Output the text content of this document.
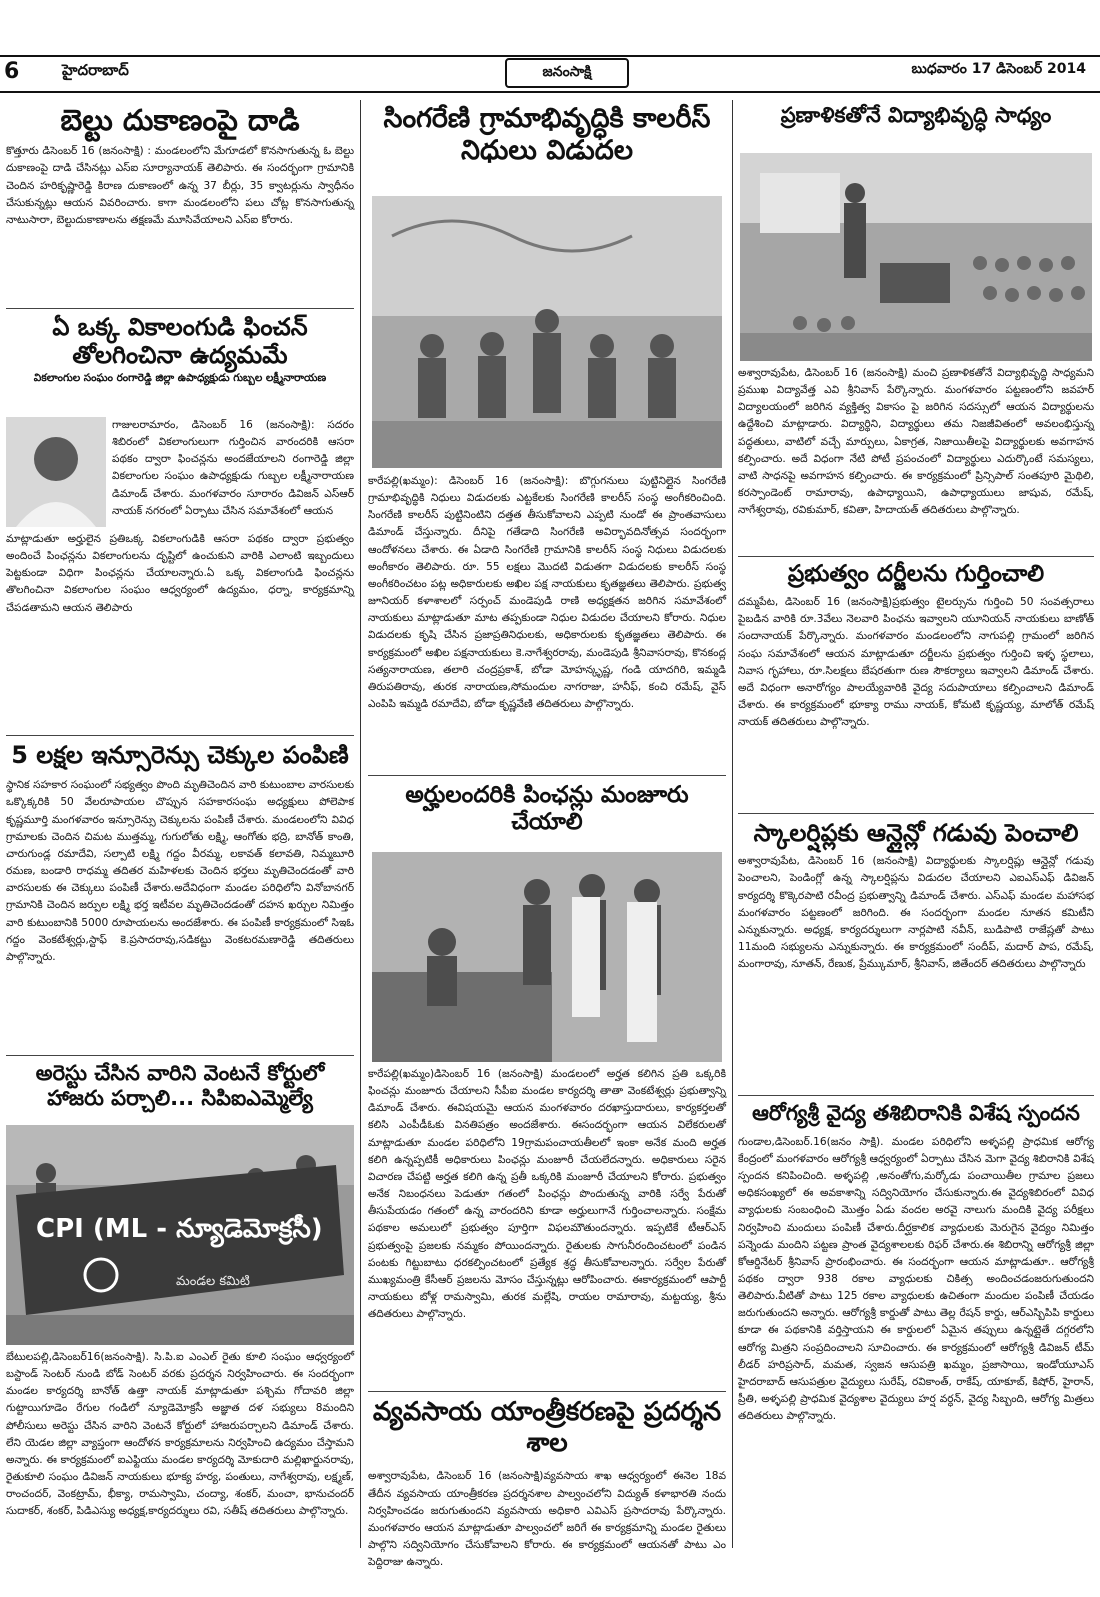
6	హైదరాబాద్	జనంసాక్షి	బుధవారం 17 డిసెంబర్ 2014
బెల్టు దుకాణంపై దాడి

కొత్తూరు డిసెంబర్ 16 (జనంసాక్షి) : మండలంలోని మేగూడలో కొనసాగుతున్న ఓ బెల్టు దుకాణంపై దాడి చేసినట్లు ఎస్ఐ సూర్యానాయక్ తెలిపారు. ఈ సందర్భంగా గ్రామానికి చెందిన హరికృష్ణారెడ్డి కిరాణ దుకాణంలో ఉన్న 37 బీర్లు, 35 క్వాటర్లును స్వాధీనం చేసుకున్నట్లు ఆయన వివరించారు. కాగా మండలంలోని పలు చోట్ల కొనసాగుతున్న నాటుసారా, బెల్టుదుకాణాలను తక్షణమే మూసివేయాలని ఎస్ఐ కోరారు.

ఏ ఒక్క వికాలంగుడి ఫించన్ తోలగించినా ఉద్యమమే
వికలాంగుల సంఘం రంగారెడ్డి జిల్లా ఉపాధ్యక్షుడు గుబ్బల లక్ష్మీనారాయణ

గాజులరామారం, డిసెంబర్ 16 (జనంసాక్షి): సదరం శిబిరంలో వికలాంగులుగా గుర్తించిన వారందరికి ఆసరా పథకం ద్వారా ఫించన్లను అందజేయాలని రంగారెడ్డి జిల్లా వికలాంగుల సంఘం ఉపాధ్యక్షుడు గుబ్బల లక్ష్మీనారాయణ డిమాండ్ చేశారు. మంగళవారం సూరారం డివిజన్ ఎస్ఆర్ నాయక్ నగరంలో ఏర్పాటు చేసిన సమావేశంలో ఆయన

మాట్లాడుతూ అర్హులైన ప్రతిఒక్క వికలాంగుడికి ఆసరా పథకం ద్వారా ప్రభుత్వం అందించే పింఛన్లను వికలాంగులను దృష్టిలో ఉంచుకుని వారికి ఎలాంటి ఇబ్బందులు పెట్టకుండా విధిగా పింఛన్లను చేయాలన్నారు.ఏ ఒక్క వికలాంగుడి ఫించన్లను తొలగించినా వికలాంగుల సంఘం ఆధ్వర్యంలో ఉద్యమం, ధర్నా, కార్యక్రమాన్ని చేపడతామని ఆయన తెలిపారు

5 లక్షల ఇన్సూరెన్సు చెక్కుల పంపిణి

స్థానిక సహకార సంఘంలో సభ్యత్వం పొంది మృతిచెందిన వారి కుటుంబాల వారసులకు ఒక్కొక్కరికి 50 వేలరూపాయల చొప్పున సహకారసంఘ అధ్యక్షులు పోలెపాక కృష్ణమూర్తి మంగళవారం ఇన్సూరెన్సు చెక్కులను పంపిణీ చేశారు. మండలంలోని వివిధ గ్రామాలకు చెందిన చిమట ముత్తమ్మ, గుగులోతు లక్ష్మి, ఆంగోతు భద్రి, బానోత్ కాంతి, చారుగుండ్ల రమాదేవి, సల్పాటి లక్ష్మి గద్దం వీరమ్మ, లకావత్ కలావతి, నిమ్మబూరి రమణ, బండారి రాధమ్మ తదితర మహిళలకు చెందిన భర్తలు మృతిచెందడంతో వారి వారసులకు ఈ చెక్కులు పంపిణీ చేశారు.అదేవిధంగా మండల పరిధిలోని వినోబానగర్ గ్రామానికి చెందిన జర్పుల లక్ష్మి భర్త ఇటీవల మృతిచెందడంతో దహన ఖర్చుల నిమిత్తం వారి కుటుంబానికి 5000 రూపాయలను అందజేశారు. ఈ పంపిణీ కార్యక్రమంలో సిఇఓ గద్దం వెంకటేశ్వర్లు,స్టాఫ్ కె.ప్రసాదరావు,సడికట్టు వెంకటరమణారెడ్డి తదితరులు పాల్గొన్నారు.

అరెస్టు చేసిన వారిని వెంటనే కోర్టులో హాజరు పర్చాలి... సిపిఐఎమ్మెల్యే
CPI (ML - న్యూడెమోక్రసీ)
మండల కమిటి

బేటులపల్లి,డిసెంబర్16(జనంసాక్షి). సి.పి.ఐ ఎంఎల్ రైతు కూలి సంఘం ఆధ్వర్యంలో బస్టాండ్ సెంటర్ నుండి బోడ్ సెంటర్ వరకు ప్రదర్శన నిర్వహించారు. ఈ సందర్భంగా మండల కార్యదర్శి బానోత్ ఉత్తా నాయక్ మాట్లాడుతూ పశ్చిమ గోదావరి జిల్లా గుట్టాయిగూడెం రేగుల గండిలో న్యూడెమోక్రసీ అజ్ఞాత దళ సభ్యులు 8మందిని పోలీసులు అరెస్టు చేసిన వారిని వెంటనే కోర్టులో హాజరుపర్చాలని డిమాండ్ చేశారు. లేని యెడల జిల్లా వ్యాప్తంగా ఆందోళన కార్యక్రమాలను నిర్వహించి ఉద్యమం చేస్తామని అన్నారు. ఈ కార్యక్రమంలో ఐఎఫ్టియు మండల కార్యదర్శి మోకుదారి మల్లిఖార్జునరావు, రైతుకూలి సంఘం డివిజన్ నాయకులు భూక్య హర్య, పంతులు, నాగేశ్వరావు, లక్ష్మణ్, రాంచందర్, వెంకట్రామ్, భీక్యా, రామస్వామి, చంద్యా, శంకర్, మంచా, భానుచందర్ సుదాకర్, శంకర్, పిడిఎస్యు అధ్యక్ష,కార్యదర్శులు రవి, సతీష్ తదితరులు పాల్గొన్నారు.

సింగరేణి గ్రామాభివృద్ధికి కాలరీస్ నిధులు విడుదల

కారేపల్లి(ఖమ్మం): డిసెంబర్ 16 (జనంసాక్షి): బొగ్గుగనులు పుట్టినిల్లైన సింగరేణి గ్రామాభివృద్ధికి నిధులు విడుదలకు ఎట్టకేలకు సింగరేణి కాలరీస్ సంస్థ అంగీకరించింది. సింగరేణి కాలరీస్ పుట్టినింటిని దత్తత తీసుకోవాలని ఎప్పటి నుండో ఈ ప్రాంతవాసులు డిమాండ్ చేస్తున్నారు. దీనిపై గతేడాది సింగరేణి అవిర్భావదినోత్సవ సందర్భంగా ఆందోళనలు చేశారు. ఈ ఏడాది సింగరేణి గ్రామానికి కాలరీస్ సంస్థ నిధులు విడుదలకు అంగీకారం తెలిపారు. రూ. 55 లక్షలు మొదటి విడుతగా విడుదలకు కాలరీస్ సంస్థ అంగీకరించటం పట్ల అధికారులకు అఖిల పక్ష నాయకులు కృతజ్ఞతలు తెలిపారు. ప్రభుత్వ జూనియర్ కళాశాలలో సర్పంచ్ మండెపుడి రాణి అధ్యక్షతన జరిగిన సమావేశంలో నాయకులు మాట్లాడుతూ మాట తప్పకుండా నిధుల విడుదల చేయాలని కోరారు. నిధుల విడుదలకు కృషి చేసిన ప్రజాప్రతినిధులకు, అధికారులకు కృతజ్ఞతలు తెలిపారు. ఈ కార్యక్రమంలో అఖిల పక్షనాయకులు కె.నాగేశ్వరరావు, మండెపుడి శ్రీనివాసరావు, కొనకంద్ల సత్యనారాయణ, తలారి చంద్రప్రకాశ్, బోడా మోహన్కృష్ణ, గండి యాదగిరి, ఇమ్మడి తిరుపతిరావు, తురక నారాయణ,సోమందుల నాగరాజు, హనీఫ్, కంచి రమేష్, వైస్ ఎంపిపి ఇమ్మడి రమాదేవి, బోడా కృష్ణవేణి తదితరులు పాల్గొన్నారు.

అర్హులందరికి పింఛన్లు మంజూరు చేయాలి

కారేపల్లి(ఖమ్మం)డిసెంబర్ 16 (జనంసాక్షి) మండలంలో అర్హత కలిగిన ప్రతి ఒక్కరికి ఫించన్లు మంజూరు చేయాలని సీపీఐ మండల కార్యదర్శి తాతా వెంకటేశ్వర్లు ప్రభుత్వాన్ని డిమాండ్ చేశారు. ఈవిషయమై ఆయన మంగళవారం దరఖాస్తుదారులు, కార్యకర్తలతో కలిసి ఎంపీడీఓకు వినతిపత్రం అందజేశారు. ఈసందర్భంగా ఆయన విలేకరులతో మాట్లాడుతూ మండల పరిధిలోని 19గ్రామపంచాయతీలలో ఇంకా అనేక మంది అర్హత కలిగి ఉన్నప్పటికీ అధికారులు పింఛన్లు మంజూరీ చేయలేదన్నారు. అధికారులు సరైన విచారణ చేపట్టి అర్హత కలిగి ఉన్న ప్రతీ ఒక్కరికి మంజూరీ చేయాలని కోరారు. ప్రభుత్వం అనేక నిబంధనలు పెడుతూ గతంలో పింఛన్లు పొందుతున్న వారికి సర్వే పేరుతో తీసుపేయడం గతంలో ఉన్న వారందరిని కూడా అర్హులుగానే గుర్తించాలన్నారు. సంక్షేమ పథకాల అమలులో ప్రభుత్వం పూర్తిగా విఫలమౌతుందన్నారు. ఇప్పటికే టీఆర్ఎస్ ప్రభుత్వంపై ప్రజలకు నమ్మకం పోయిందన్నారు. రైతులకు సాగునీరందించటంలో పండిన పంటకు గిట్టుబాటు ధరకల్పించటంలో ప్రత్యేక శ్రద్ధ తీసుకోవాలన్నారు. సర్వేల పేరుతో ముఖ్యమంత్రి కేసీఆర్ ప్రజలను మోసం చేస్తున్నట్లు ఆరోపించారు. ఈకార్యక్రమంలో ఆపార్టీ నాయకులు బోళ్ల రామస్వామి, తురక మల్లేషి, రాయల రామారావు, మట్టయ్య, శ్రీను తదితరులు పాల్గొన్నారు.

వ్యవసాయ యాంత్రీకరణపై ప్రదర్శన శాల

అశ్వారావుపేట, డిసెంబర్ 16 (జనంసాక్షి)వ్యవసాయ శాఖ ఆధ్వర్యంలో ఈనెల 18వ తేదీన వ్యవసాయ యాంత్రీకరణ ప్రదర్శనశాల పాల్వంచలోని విద్యుత్ కళాభారతి నందు నిర్వహించడం జరుగుతుందని వ్యవసాయ అధికారి ఎవిఎస్ ప్రసాదరావు పేర్కొన్నారు. మంగళవారం ఆయన మాట్లాడుతూ పాల్వంచలో జరిగే ఈ కార్యక్రమాన్ని మండల రైతులు పాల్గొని సద్వినియోగం చేసుకోవాలని కోరారు. ఈ కార్యక్రమంలో ఆయనతో పాటు ఎం పెద్దిరాజు ఉన్నారు.

ప్రణాళికతోనే విద్యాభివృద్ధి సాధ్యం

అశ్వారావుపేట, డిసెంబర్ 16 (జనంసాక్షి) మంచి ప్రణాళికతోనే విద్యాభివృద్ధి సాధ్యమని ప్రముఖ విద్యావేత్త ఎవి శ్రీనివాస్ పేర్కొన్నారు. మంగళవారం పట్టణంలోని జవహర్ విద్యాలయంలో జరిగిన వ్యక్తిత్వ వికాసం పై జరిగిన సదస్సులో ఆయన విద్యార్థులను ఉద్దేశించి మాట్లాడారు. విద్యార్థిని, విద్యార్థులు తమ నిజజీవితంలో అవలంభిస్తున్న పద్ధతులు, వాటిలో వచ్చే మార్పులు, ఏకాగ్రత, నిజాయితీలపై విద్యార్థులకు అవగాహన కల్పించారు. అదే విధంగా నేటి పోటీ ప్రపంచంలో విద్యార్థులు ఎదుర్కొంటే సమస్యలు, వాటి సాధనపై అవగాహన కల్పించారు. ఈ కార్యక్రమంలో ప్రిన్సిపాల్ సంతపూరి మైథిలి, కరస్పాండెంట్ రామారావు, ఉపాధ్యాయిని, ఉపాధ్యాయులు జాషువ, రమేష్, నాగేశ్వరావు, రవికుమార్, కవితా, హిదాయత్ తదితరులు పాల్గొన్నారు.

ప్రభుత్వం దర్జీలను గుర్తించాలి

దమ్మపేట, డిసెంబర్ 16 (జనంసాక్షి)ప్రభుత్వం టైలర్సును గుర్తించి 50 సంవత్సరాలు పైబడిన వారికి రూ.3వేలు నెలవారి పింఛను ఇవ్వాలని యూనియన్ నాయకులు బాణోత్ సందానాయక్ పేర్కొన్నారు. మంగళవారం మండలంలోని నాగుపల్లి గ్రామంలో జరిగిన సంఘ సమావేశంలో ఆయన మాట్లాడుతూ దర్జీలను ప్రభుత్వం గుర్తించి ఇళ్ళ స్థలాలు, నివాస గృహాలు, రూ.సిలక్షలు బేషరతుగా రుణ సౌకర్యాలు ఇవ్వాలని డిమాండ్ చేశారు. అదే విధంగా అనారోగ్యం పాలయ్యేవారికి వైద్య సదుపాయాలు కల్పించాలని డిమాండ్ చేశారు. ఈ కార్యక్రమంలో భూక్యా రాము నాయక్, కోమటి కృష్ణయ్య, మాలోత్ రమేష్ నాయక్ తదితరులు పాల్గొన్నారు.

స్కాలర్షిప్లకు ఆన్లైన్లో గడువు పెంచాలి

అశ్వారావుపేట, డిసెంబర్ 16 (జనంసాక్షి) విద్యార్థులకు స్కాలర్షిప్లు ఆన్లైన్లో గడువు పెంచాలని, పెండింగ్లో ఉన్న స్కాలర్షిప్లను విడుదల చేయాలని ఎఐఎస్ఎఫ్ డివిజన్ కార్యదర్శి కొక్కెరపాటి రవీంద్ర ప్రభుత్వాన్ని డిమాండ్ చేశారు. ఎస్ఎఫ్ మండల మహాసభ మంగళవారం పట్టణంలో జరిగింది. ఈ సందర్భంగా మండల నూతన కమిటీని ఎన్నుకున్నారు. అధ్యక్ష, కార్యదర్శులుగా నార్లపాటి నవీన్, బుడిపాటి రాజేష్లతో పాటు 11మంది సభ్యులను ఎన్నుకున్నారు. ఈ కార్యక్రమంలో సందీప్, మదార్ పాప, రమేష్, మంగారావు, నూతన్, రేణుక, ప్రేమ్కుమార్, శ్రీనివాస్, జితేందర్ తదితరులు పాల్గొన్నారు

ఆరోగ్యశ్రీ వైద్య తశిబిరానికి విశేష స్పందన

గుండాల,డిసెంబర్.16(జనం సాక్షి). మండల పరిధిలోని అళ్ళపల్లి ప్రాధమిక ఆరోగ్య కేంద్రంలో మంగళవారం ఆరోగ్యశ్రీ ఆధ్వర్యంలో ఏర్పాటు చేసిన మెగా వైద్య శిబిరానికి విశేష స్పందన కనిపించింది. అళ్ళపల్లి ,అనంతోగు,మర్కోడు పంచాయితీల గ్రామాల ప్రజలు అధికసంఖ్యలో ఈ అవకాశాన్ని సద్వినియోగం చేసుకున్నారు.ఈ వైద్యశిబిరంలో వివిధ వ్యాధులకు సంబంధించి మొత్తం ఏడు వందల అరవై నాలుగు మందికి వైద్య పరీక్షలు నిర్వహించి మందులు పంపిణీ చేశారు.దీర్ఘకాలిక వ్యాధులకు మెరుగైన వైద్యం నిమిత్తం పన్నెండు మందిని పట్టణ ప్రాంత వైద్యశాలలకు రిఫర్ చేశారు.ఈ శిబిరాన్ని ఆరోగ్యశ్రీ జిల్లా కోఆర్డినేటర్ శ్రీనివాస్ ప్రారంభించారు. ఈ సందర్భంగా ఆయన మాట్లాడుతూ.. ఆరోగ్యశ్రీ పథకం ద్వారా 938 రకాల వ్యాధులకు చికిత్స అందించడంజరుగుతుందని తెలిపారు.వీటితో పాటు 125 రకాల వ్యాధులకు ఉచితంగా మందుల పంపిణీ చేయడం జరుగుతుందని అన్నారు. ఆరోగ్యశ్రీ కార్డుతో పాటు తెల్ల రేషన్ కార్డు, ఆర్ఎస్బిపిపి కార్డులు కూడా ఈ పథకానికి వర్తిస్తాయని ఈ కార్డులలో ఏమైన తప్పులు ఉన్నట్లైతే దగ్గరలోని ఆరోగ్య మిత్రని సంప్రదించాలని సూచించారు. ఈ కార్యక్రమంలో ఆరోగ్యశ్రీ డివిజన్ టీమ్ లీడర్ హరిప్రసాద్, మమత, స్వజన ఆసుపత్రి ఖమ్మం, ప్రజాసాయి, ఇండోయూఎస్ హైదరాబాద్ ఆసుపత్రుల వైద్యులు సురేష్, రవికాంత్, రాకేష్, యాకూబ్, కిషోర్, హైరాన్, ప్రీతి, అళ్ళపల్లి ప్రాధమిక వైద్యశాల వైద్యులు హర్ష వర్ధన్, వైద్య సిబ్బంది, ఆరోగ్య మిత్రలు తదితరులు పాల్గొన్నారు.
